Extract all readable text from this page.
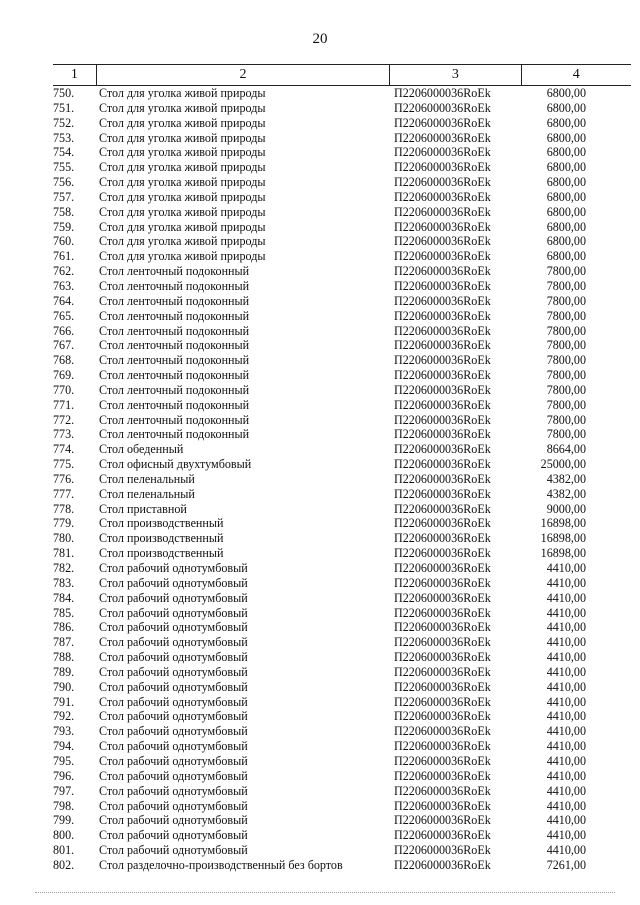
20
1	2	3	4
750.	Стол для уголка живой природы	П2206000036RoEk	6800,00
751.	Стол для уголка живой природы	П2206000036RoEk	6800,00
752.	Стол для уголка живой природы	П2206000036RoEk	6800,00
753.	Стол для уголка живой природы	П2206000036RoEk	6800,00
754.	Стол для уголка живой природы	П2206000036RoEk	6800,00
755.	Стол для уголка живой природы	П2206000036RoEk	6800,00
756.	Стол для уголка живой природы	П2206000036RoEk	6800,00
757.	Стол для уголка живой природы	П2206000036RoEk	6800,00
758.	Стол для уголка живой природы	П2206000036RoEk	6800,00
759.	Стол для уголка живой природы	П2206000036RoEk	6800,00
760.	Стол для уголка живой природы	П2206000036RoEk	6800,00
761.	Стол для уголка живой природы	П2206000036RoEk	6800,00
762.	Стол ленточный подоконный	П2206000036RoEk	7800,00
763.	Стол ленточный подоконный	П2206000036RoEk	7800,00
764.	Стол ленточный подоконный	П2206000036RoEk	7800,00
765.	Стол ленточный подоконный	П2206000036RoEk	7800,00
766.	Стол ленточный подоконный	П2206000036RoEk	7800,00
767.	Стол ленточный подоконный	П2206000036RoEk	7800,00
768.	Стол ленточный подоконный	П2206000036RoEk	7800,00
769.	Стол ленточный подоконный	П2206000036RoEk	7800,00
770.	Стол ленточный подоконный	П2206000036RoEk	7800,00
771.	Стол ленточный подоконный	П2206000036RoEk	7800,00
772.	Стол ленточный подоконный	П2206000036RoEk	7800,00
773.	Стол ленточный подоконный	П2206000036RoEk	7800,00
774.	Стол обеденный	П2206000036RoEk	8664,00
775.	Стол офисный двухтумбовый	П2206000036RoEk	25000,00
776.	Стол пеленальный	П2206000036RoEk	4382,00
777.	Стол пеленальный	П2206000036RoEk	4382,00
778.	Стол приставной	П2206000036RoEk	9000,00
779.	Стол производственный	П2206000036RoEk	16898,00
780.	Стол производственный	П2206000036RoEk	16898,00
781.	Стол производственный	П2206000036RoEk	16898,00
782.	Стол рабочий однотумбовый	П2206000036RoEk	4410,00
783.	Стол рабочий однотумбовый	П2206000036RoEk	4410,00
784.	Стол рабочий однотумбовый	П2206000036RoEk	4410,00
785.	Стол рабочий однотумбовый	П2206000036RoEk	4410,00
786.	Стол рабочий однотумбовый	П2206000036RoEk	4410,00
787.	Стол рабочий однотумбовый	П2206000036RoEk	4410,00
788.	Стол рабочий однотумбовый	П2206000036RoEk	4410,00
789.	Стол рабочий однотумбовый	П2206000036RoEk	4410,00
790.	Стол рабочий однотумбовый	П2206000036RoEk	4410,00
791.	Стол рабочий однотумбовый	П2206000036RoEk	4410,00
792.	Стол рабочий однотумбовый	П2206000036RoEk	4410,00
793.	Стол рабочий однотумбовый	П2206000036RoEk	4410,00
794.	Стол рабочий однотумбовый	П2206000036RoEk	4410,00
795.	Стол рабочий однотумбовый	П2206000036RoEk	4410,00
796.	Стол рабочий однотумбовый	П2206000036RoEk	4410,00
797.	Стол рабочий однотумбовый	П2206000036RoEk	4410,00
798.	Стол рабочий однотумбовый	П2206000036RoEk	4410,00
799.	Стол рабочий однотумбовый	П2206000036RoEk	4410,00
800.	Стол рабочий однотумбовый	П2206000036RoEk	4410,00
801.	Стол рабочий однотумбовый	П2206000036RoEk	4410,00
802.	Стол разделочно-производственный без бортов	П2206000036RoEk	7261,00
